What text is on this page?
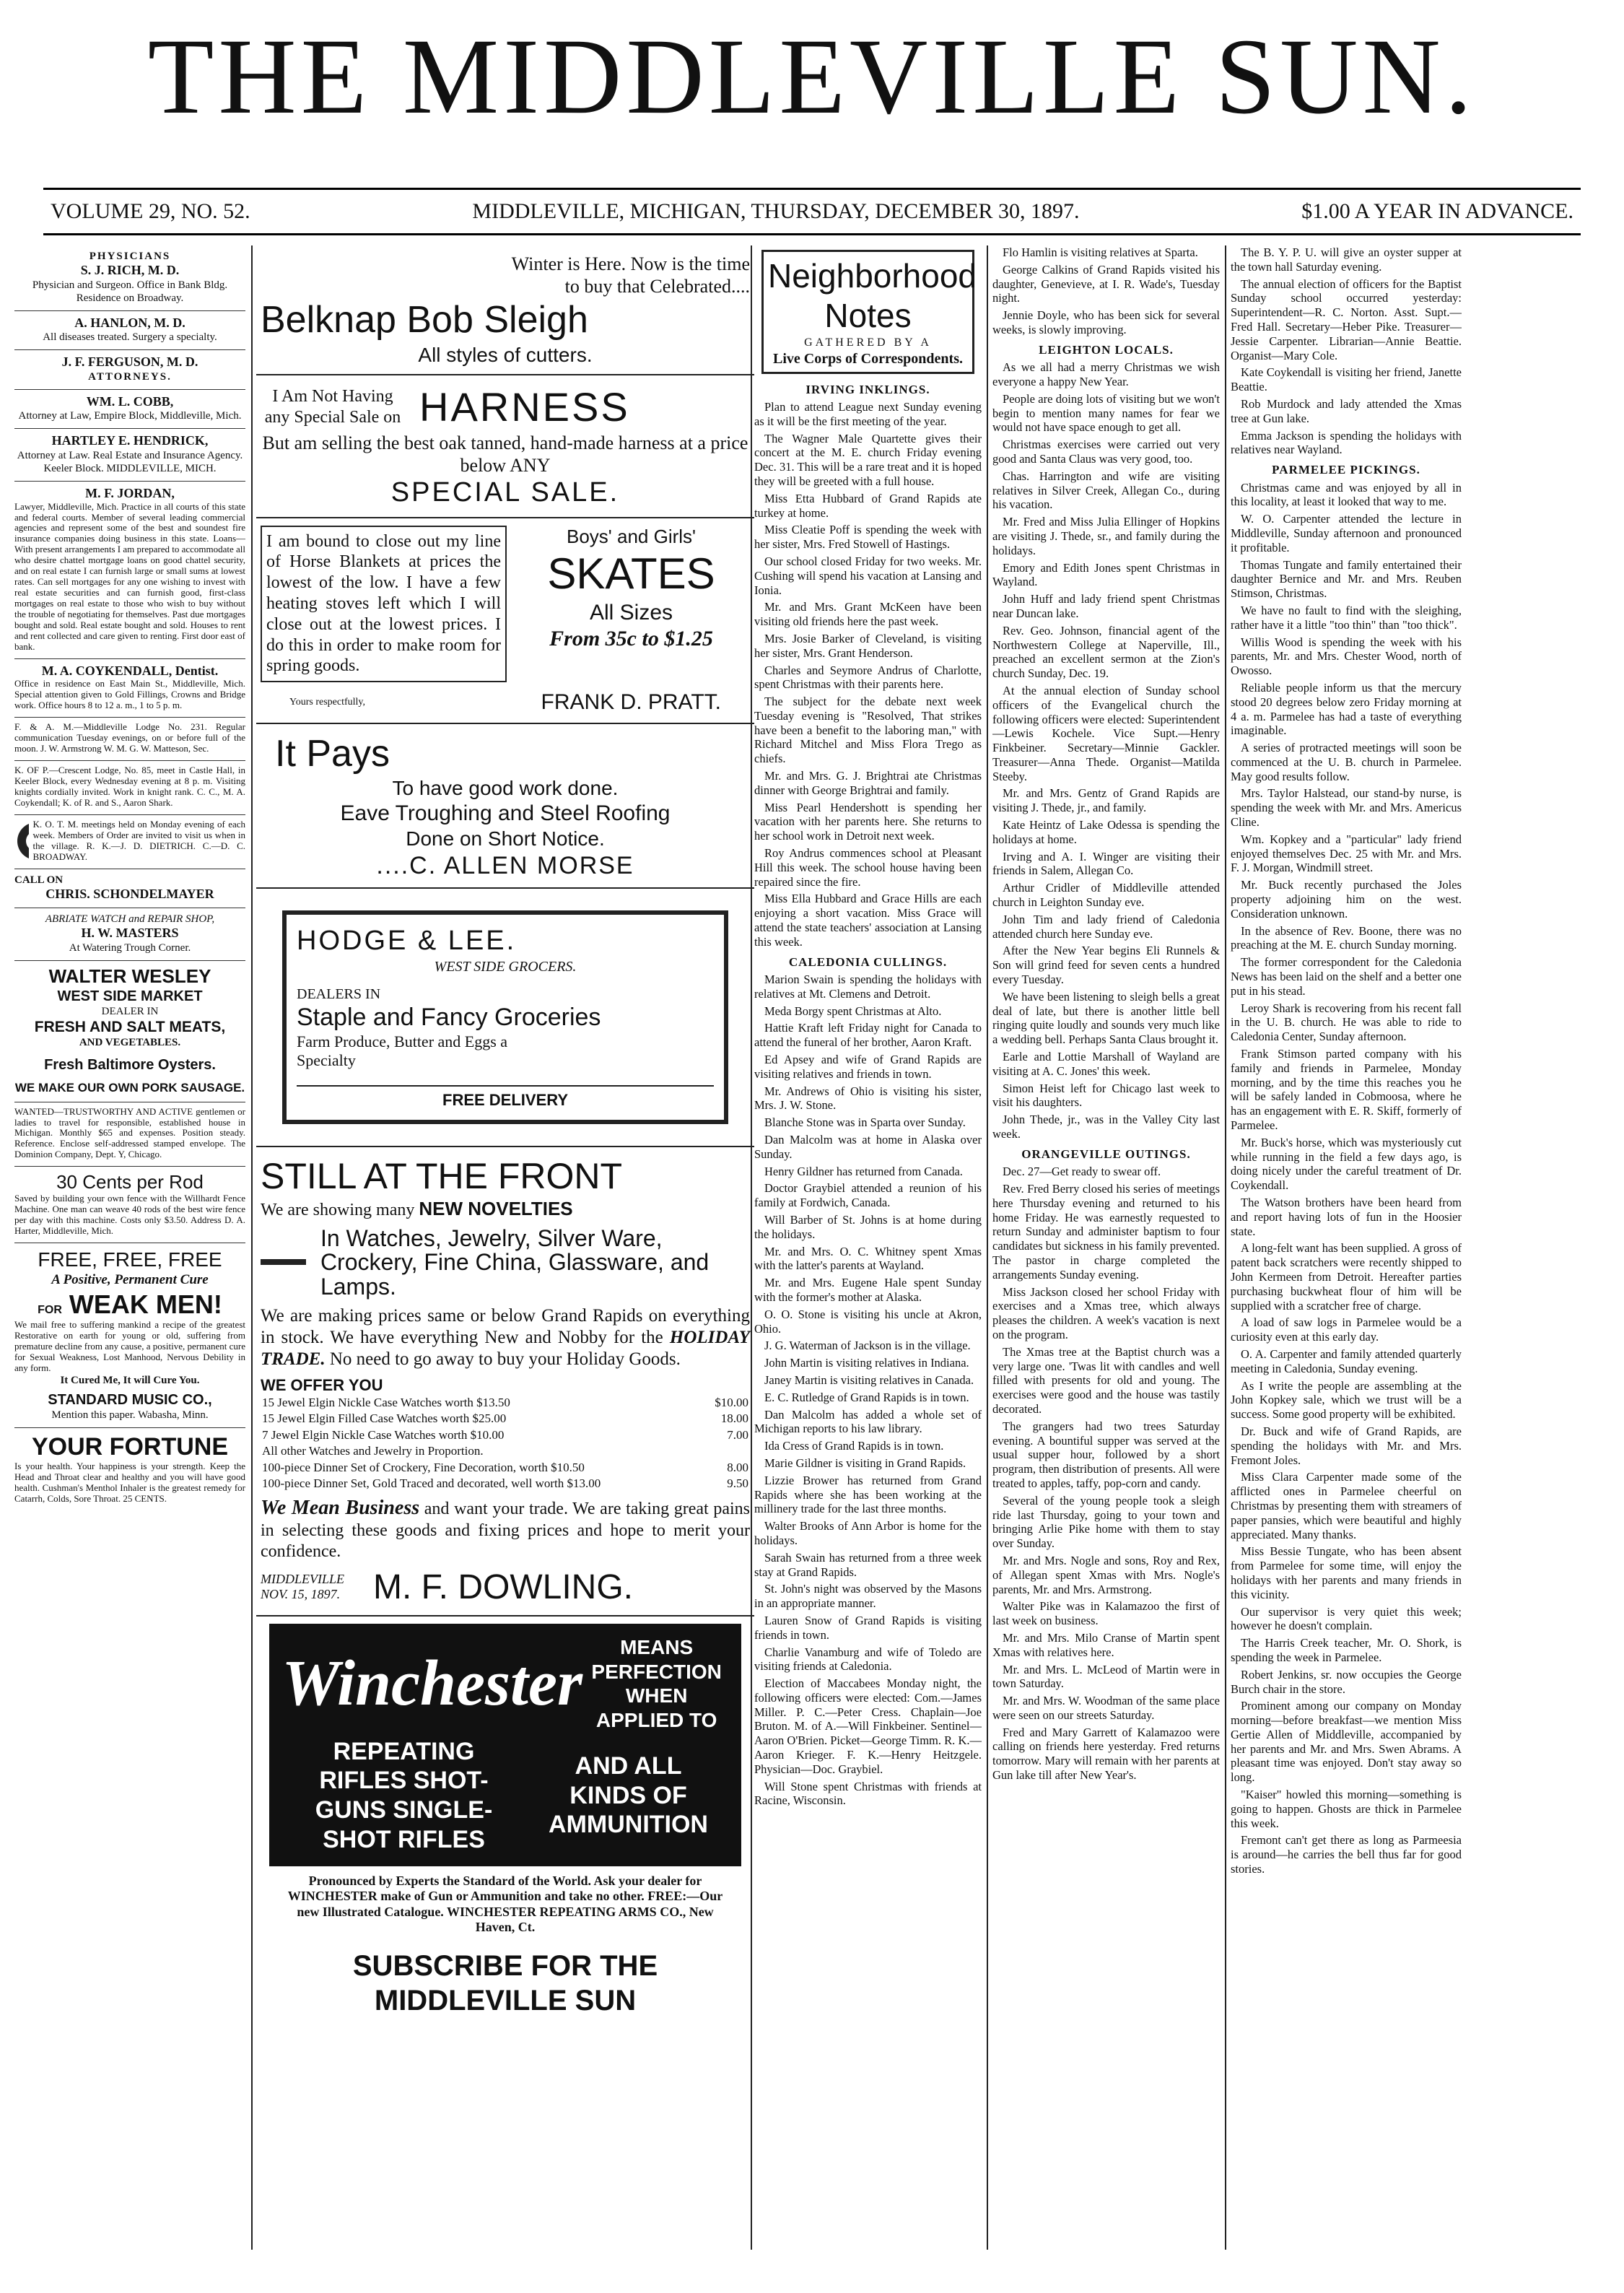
THE MIDDLEVILLE SUN.
VOLUME 29, NO. 52.	MIDDLEVILLE, MICHIGAN, THURSDAY, DECEMBER 30, 1897.	$1.00 A YEAR IN ADVANCE.
PHYSICIANS
S. J. RICH, M. D.
Physician and Surgeon. Office in Bank Bldg. Residence on Broadway.
A. HANLON, M. D.
All diseases treated. Surgery a specialty.
J. F. FERGUSON, M. D.
ATTORNEYS.
WM. L. COBB,
Attorney at Law, Empire Block, Middleville, Mich.
HARTLEY E. HENDRICK,
Attorney at Law. Real Estate and Insurance Agency. Keeler Block. MIDDLEVILLE, MICH.
M. F. JORDAN,
Lawyer, Middleville, Mich. Practice in all courts of this state and federal courts. Member of several leading commercial agencies and represent some of the best and soundest fire insurance companies doing business in this state. Loans—With present arrangements I am prepared to accommodate all who desire chattel mortgage loans on good chattel security, and on real estate I can furnish large or small sums at lowest rates. Can sell mortgages for any one wishing to invest with real estate securities and can furnish good, first-class mortgages on real estate to those who wish to buy without the trouble of negotiating for themselves. Past due mortgages bought and sold. Real estate bought and sold. Houses to rent and rent collected and care given to renting. First door east of bank.
M. A. COYKENDALL, Dentist.
Office in residence on East Main St., Middleville, Mich. Special attention given to Gold Fillings, Crowns and Bridge work. Office hours 8 to 12 a. m., 1 to 5 p. m.
F. & A. M.—Middleville Lodge No. 231. Regular communication Tuesday evenings, on or before full of the moon. J. W. Armstrong W. M. G. W. Matteson, Sec.
K. OF P.—Crescent Lodge, No. 85, meet in Castle Hall, in Keeler Block, every Wednesday evening at 8 p. m. Visiting knights cordially invited. Work in knight rank. C. C., M. A. Coykendall; K. of R. and S., Aaron Shark.
K. O. T. M. meetings held on Monday evening of each week. Members of Order are invited to visit us when in the village. R. K.—J. D. DIETRICH. C.—D. C. BROADWAY.
CALL ON
CHRIS. SCHONDELMAYER
ABRIATE WATCH and REPAIR SHOP,
H. W. MASTERS
At Watering Trough Corner.
WALTER WESLEY
WEST SIDE MARKET
DEALER IN
FRESH AND SALT MEATS,
AND VEGETABLES.
Fresh Baltimore Oysters.
WE MAKE OUR OWN PORK SAUSAGE.
WANTED—TRUSTWORTHY AND ACTIVE gentlemen or ladies to travel for responsible, established house in Michigan. Monthly $65 and expenses. Position steady. Reference. Enclose self-addressed stamped envelope. The Dominion Company, Dept. Y, Chicago.
30 Cents per Rod
Saved by building your own fence with the Willhardt Fence Machine. One man can weave 40 rods of the best wire fence per day with this machine. Costs only $3.50. Address D. A. Harter, Middleville, Mich.
FREE, FREE, FREE
A Positive, Permanent Cure
FOR WEAK MEN!
We mail free to suffering mankind a recipe of the greatest Restorative on earth for young or old, suffering from premature decline from any cause, a positive, permanent cure for Sexual Weakness, Lost Manhood, Nervous Debility in any form.
It Cured Me, It will Cure You.
STANDARD MUSIC CO.,
Mention this paper. Wabasha, Minn.
YOUR FORTUNE
Is your health. Your happiness is your strength. Keep the Head and Throat clear and healthy and you will have good health. Cushman's Menthol Inhaler is the greatest remedy for Catarrh, Colds, Sore Throat. 25 CENTS.
Winter is Here. Now is the time
to buy that Celebrated....
Belknap Bob Sleigh
All styles of cutters.
I Am Not Having any Special Sale on HARNESS
But am selling the best oak tanned, hand-made harness at a price below ANY
SPECIAL SALE.
I am bound to close out my line of Horse Blankets at prices the lowest of the low. I have a few heating stoves left which I will close out at the lowest prices. I do this in order to make room for spring goods.
Boys' and Girls'
SKATES
All Sizes
From 35c to $1.25
Yours respectfully,	FRANK D. PRATT.
It Pays
To have good work done.
Eave Troughing and Steel Roofing
Done on Short Notice.
....C. ALLEN MORSE
HODGE & LEE.
WEST SIDE GROCERS.
DEALERS IN
Staple and Fancy Groceries
Farm Produce, Butter and Eggs a Specialty
FREE DELIVERY
STILL AT THE FRONT
We are showing many NEW NOVELTIES
In Watches, Jewelry, Silver Ware, Crockery, Fine China, Glassware, and Lamps.
We are making prices same or below Grand Rapids on everything in stock. We have everything New and Nobby for the HOLIDAY TRADE. No need to go away to buy your Holiday Goods.
WE OFFER YOU
15 Jewel Elgin Nickle Case Watches worth $13.50	$10.00
15 Jewel Elgin Filled Case Watches worth $25.00	18.00
7 Jewel Elgin Nickle Case Watches worth $10.00	7.00
All other Watches and Jewelry in Proportion.	
100-piece Dinner Set of Crockery, Fine Decoration, worth $10.50	8.00
100-piece Dinner Set, Gold Traced and decorated, well worth $13.00	9.50
We Mean Business and want your trade. We are taking great pains in selecting these goods and fixing prices and hope to merit your confidence.
MIDDLEVILLE
NOV. 15, 1897. M. F. DOWLING.
Winchester
MEANS PERFECTION WHEN APPLIED TO
REPEATING RIFLES SHOT-GUNS SINGLE-SHOT RIFLES
AND ALL KINDS OF AMMUNITION
Pronounced by Experts the Standard of the World. Ask your dealer for WINCHESTER make of Gun or Ammunition and take no other. FREE:—Our new Illustrated Catalogue. WINCHESTER REPEATING ARMS CO., New Haven, Ct.
SUBSCRIBE FOR THE MIDDLEVILLE SUN
Neighborhood Notes
GATHERED BY A
Live Corps of Correspondents.
IRVING INKLINGS.

Plan to attend League next Sunday evening as it will be the first meeting of the year.

The Wagner Male Quartette gives their concert at the M. E. church Friday evening Dec. 31. This will be a rare treat and it is hoped they will be greeted with a full house.

Miss Etta Hubbard of Grand Rapids ate turkey at home.

Miss Cleatie Poff is spending the week with her sister, Mrs. Fred Stowell of Hastings.

Our school closed Friday for two weeks. Mr. Cushing will spend his vacation at Lansing and Ionia.

Mr. and Mrs. Grant McKeen have been visiting old friends here the past week.

Mrs. Josie Barker of Cleveland, is visiting her sister, Mrs. Grant Henderson.

Charles and Seymore Andrus of Charlotte, spent Christmas with their parents here.

The subject for the debate next week Tuesday evening is "Resolved, That strikes have been a benefit to the laboring man," with Richard Mitchel and Miss Flora Trego as chiefs.

Mr. and Mrs. G. J. Brightrai ate Christmas dinner with George Brightrai and family.

Miss Pearl Hendershott is spending her vacation with her parents here. She returns to her school work in Detroit next week.

Roy Andrus commences school at Pleasant Hill this week. The school house having been repaired since the fire.

Miss Ella Hubbard and Grace Hills are each enjoying a short vacation. Miss Grace will attend the state teachers' association at Lansing this week.

CALEDONIA CULLINGS.

Marion Swain is spending the holidays with relatives at Mt. Clemens and Detroit.

Meda Borgy spent Christmas at Alto.

Hattie Kraft left Friday night for Canada to attend the funeral of her brother, Aaron Kraft.

Ed Apsey and wife of Grand Rapids are visiting relatives and friends in town.

Mr. Andrews of Ohio is visiting his sister, Mrs. J. W. Stone.

Blanche Stone was in Sparta over Sunday.

Dan Malcolm was at home in Alaska over Sunday.

Henry Gildner has returned from Canada.

Doctor Graybiel attended a reunion of his family at Fordwich, Canada.

Will Barber of St. Johns is at home during the holidays.

Mr. and Mrs. O. C. Whitney spent Xmas with the latter's parents at Wayland.

Mr. and Mrs. Eugene Hale spent Sunday with the former's mother at Alaska.

O. O. Stone is visiting his uncle at Akron, Ohio.

J. G. Waterman of Jackson is in the village.

John Martin is visiting relatives in Indiana.

Janey Martin is visiting relatives in Canada.

E. C. Rutledge of Grand Rapids is in town.

Dan Malcolm has added a whole set of Michigan reports to his law library.

Ida Cress of Grand Rapids is in town.

Marie Gildner is visiting in Grand Rapids.

Lizzie Brower has returned from Grand Rapids where she has been working at the millinery trade for the last three months.

Walter Brooks of Ann Arbor is home for the holidays.

Sarah Swain has returned from a three week stay at Grand Rapids.

St. John's night was observed by the Masons in an appropriate manner.

Lauren Snow of Grand Rapids is visiting friends in town.

Charlie Vanamburg and wife of Toledo are visiting friends at Caledonia.

Election of Maccabees Monday night, the following officers were elected: Com.—James Miller. P. C.—Peter Cress. Chaplain—Joe Bruton. M. of A.—Will Finkbeiner. Sentinel—Aaron O'Brien. Picket—George Timm. R. K.—Aaron Krieger. F. K.—Henry Heitzgele. Physician—Doc. Graybiel.

Will Stone spent Christmas with friends at Racine, Wisconsin.

Flo Hamlin is visiting relatives at Sparta.

George Calkins of Grand Rapids visited his daughter, Genevieve, at I. R. Wade's, Tuesday night.

Jennie Doyle, who has been sick for several weeks, is slowly improving.

LEIGHTON LOCALS.

As we all had a merry Christmas we wish everyone a happy New Year.

People are doing lots of visiting but we won't begin to mention many names for fear we would not have space enough to get all.

Christmas exercises were carried out very good and Santa Claus was very good, too.

Chas. Harrington and wife are visiting relatives in Silver Creek, Allegan Co., during his vacation.

Mr. Fred and Miss Julia Ellinger of Hopkins are visiting J. Thede, sr., and family during the holidays.

Emory and Edith Jones spent Christmas in Wayland.

John Huff and lady friend spent Christmas near Duncan lake.

Rev. Geo. Johnson, financial agent of the Northwestern College at Naperville, Ill., preached an excellent sermon at the Zion's church Sunday, Dec. 19.

At the annual election of Sunday school officers of the Evangelical church the following officers were elected: Superintendent—Lewis Kochele. Vice Supt.—Henry Finkbeiner. Secretary—Minnie Gackler. Treasurer—Anna Thede. Organist—Matilda Steeby.

Mr. and Mrs. Gentz of Grand Rapids are visiting J. Thede, jr., and family.

Kate Heintz of Lake Odessa is spending the holidays at home.

Irving and A. I. Winger are visiting their friends in Salem, Allegan Co.

Arthur Cridler of Middleville attended church in Leighton Sunday eve.

John Tim and lady friend of Caledonia attended church here Sunday eve.

After the New Year begins Eli Runnels & Son will grind feed for seven cents a hundred every Tuesday.

We have been listening to sleigh bells a great deal of late, but there is another little bell ringing quite loudly and sounds very much like a wedding bell. Perhaps Santa Claus brought it.

Earle and Lottie Marshall of Wayland are visiting at A. C. Jones' this week.

Simon Heist left for Chicago last week to visit his daughters.

John Thede, jr., was in the Valley City last week.

ORANGEVILLE OUTINGS.

Dec. 27—Get ready to swear off.

Rev. Fred Berry closed his series of meetings here Thursday evening and returned to his home Friday. He was earnestly requested to return Sunday and administer baptism to four candidates but sickness in his family prevented. The pastor in charge completed the arrangements Sunday evening.

Miss Jackson closed her school Friday with exercises and a Xmas tree, which always pleases the children. A week's vacation is next on the program.

The Xmas tree at the Baptist church was a very large one. 'Twas lit with candles and well filled with presents for old and young. The exercises were good and the house was tastily decorated.

The grangers had two trees Saturday evening. A bountiful supper was served at the usual supper hour, followed by a short program, then distribution of presents. All were treated to apples, taffy, pop-corn and candy.

Several of the young people took a sleigh ride last Thursday, going to your town and bringing Arlie Pike home with them to stay over Sunday.

Mr. and Mrs. Nogle and sons, Roy and Rex, of Allegan spent Xmas with Mrs. Nogle's parents, Mr. and Mrs. Armstrong.

Walter Pike was in Kalamazoo the first of last week on business.

Mr. and Mrs. Milo Cranse of Martin spent Xmas with relatives here.

Mr. and Mrs. L. McLeod of Martin were in town Saturday.

Mr. and Mrs. W. Woodman of the same place were seen on our streets Saturday.

Fred and Mary Garrett of Kalamazoo were calling on friends here yesterday. Fred returns tomorrow. Mary will remain with her parents at Gun lake till after New Year's.

The B. Y. P. U. will give an oyster supper at the town hall Saturday evening.

The annual election of officers for the Baptist Sunday school occurred yesterday: Superintendent—R. C. Norton. Asst. Supt.—Fred Hall. Secretary—Heber Pike. Treasurer—Jessie Carpenter. Librarian—Annie Beattie. Organist—Mary Cole.

Kate Coykendall is visiting her friend, Janette Beattie.

Rob Murdock and lady attended the Xmas tree at Gun lake.

Emma Jackson is spending the holidays with relatives near Wayland.

PARMELEE PICKINGS.

Christmas came and was enjoyed by all in this locality, at least it looked that way to me.

W. O. Carpenter attended the lecture in Middleville, Sunday afternoon and pronounced it profitable.

Thomas Tungate and family entertained their daughter Bernice and Mr. and Mrs. Reuben Stimson, Christmas.

We have no fault to find with the sleighing, rather have it a little "too thin" than "too thick".

Willis Wood is spending the week with his parents, Mr. and Mrs. Chester Wood, north of Owosso.

Reliable people inform us that the mercury stood 20 degrees below zero Friday morning at 4 a. m. Parmelee has had a taste of everything imaginable.

A series of protracted meetings will soon be commenced at the U. B. church in Parmelee. May good results follow.

Mrs. Taylor Halstead, our stand-by nurse, is spending the week with Mr. and Mrs. Americus Cline.

Wm. Kopkey and a "particular" lady friend enjoyed themselves Dec. 25 with Mr. and Mrs. F. J. Morgan, Windmill street.

Mr. Buck recently purchased the Joles property adjoining him on the west. Consideration unknown.

In the absence of Rev. Boone, there was no preaching at the M. E. church Sunday morning.

The former correspondent for the Caledonia News has been laid on the shelf and a better one put in his stead.

Leroy Shark is recovering from his recent fall in the U. B. church. He was able to ride to Caledonia Center, Sunday afternoon.

Frank Stimson parted company with his family and friends in Parmelee, Monday morning, and by the time this reaches you he will be safely landed in Cobmoosa, where he has an engagement with E. R. Skiff, formerly of Parmelee.

Mr. Buck's horse, which was mysteriously cut while running in the field a few days ago, is doing nicely under the careful treatment of Dr. Coykendall.

The Watson brothers have been heard from and report having lots of fun in the Hoosier state.

A long-felt want has been supplied. A gross of patent back scratchers were recently shipped to John Kermeen from Detroit. Hereafter parties purchasing buckwheat flour of him will be supplied with a scratcher free of charge.

A load of saw logs in Parmelee would be a curiosity even at this early day.

O. A. Carpenter and family attended quarterly meeting in Caledonia, Sunday evening.

As I write the people are assembling at the John Kopkey sale, which we trust will be a success. Some good property will be exhibited.

Dr. Buck and wife of Grand Rapids, are spending the holidays with Mr. and Mrs. Fremont Joles.

Miss Clara Carpenter made some of the afflicted ones in Parmelee cheerful on Christmas by presenting them with streamers of paper pansies, which were beautiful and highly appreciated. Many thanks.

Miss Bessie Tungate, who has been absent from Parmelee for some time, will enjoy the holidays with her parents and many friends in this vicinity.

Our supervisor is very quiet this week; however he doesn't complain.

The Harris Creek teacher, Mr. O. Shork, is spending the week in Parmelee.

Robert Jenkins, sr. now occupies the George Burch chair in the store.

Prominent among our company on Monday morning—before breakfast—we mention Miss Gertie Allen of Middleville, accompanied by her parents and Mr. and Mrs. Swen Abrams. A pleasant time was enjoyed. Don't stay away so long.

"Kaiser" howled this morning—something is going to happen. Ghosts are thick in Parmelee this week.

Fremont can't get there as long as Parmeesia is around—he carries the bell thus far for good stories.
